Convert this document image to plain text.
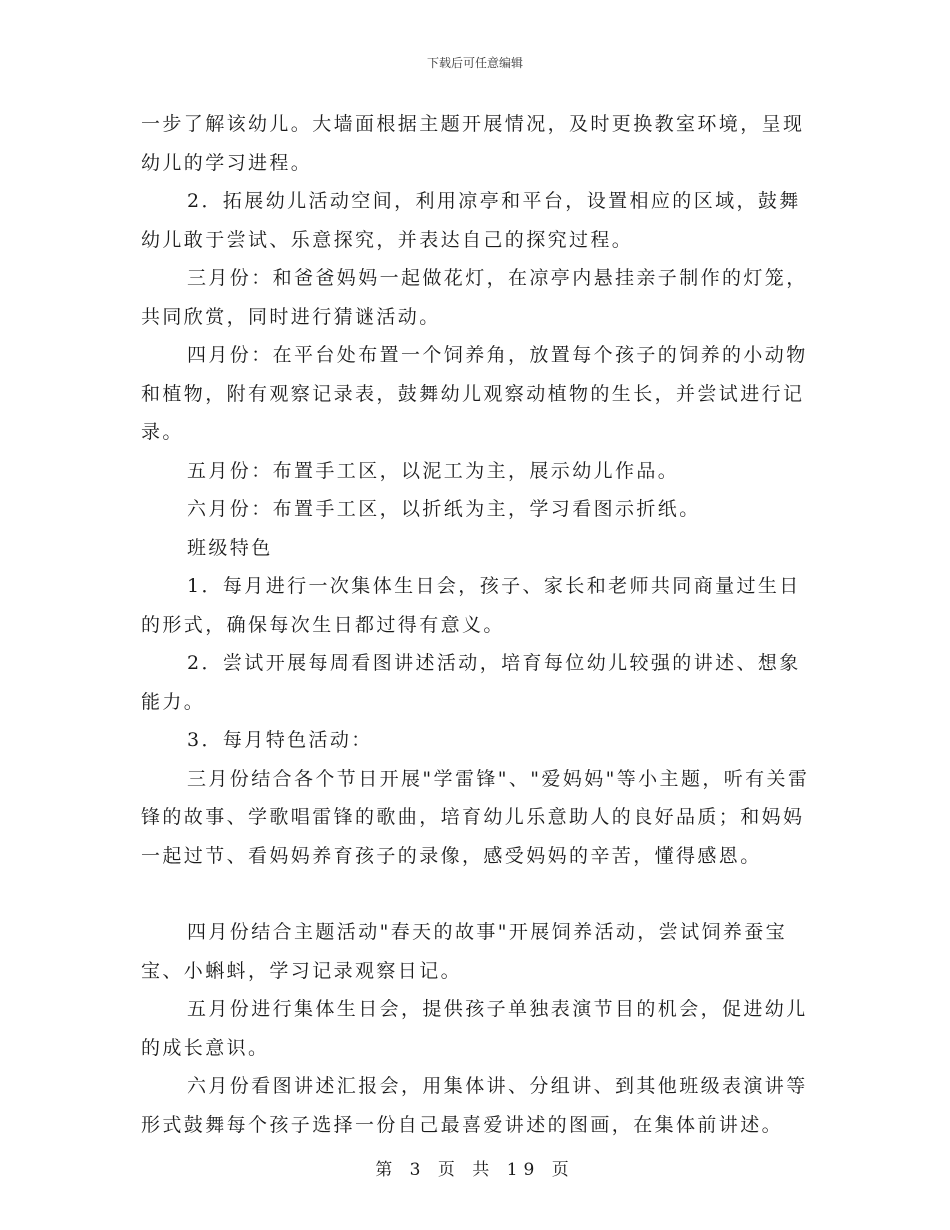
下载后可任意编辑

一步了解该幼儿。大墙面根据主题开展情况，及时更换教室环境，呈现幼儿的学习进程。

2．拓展幼儿活动空间，利用凉亭和平台，设置相应的区域，鼓舞幼儿敢于尝试、乐意探究，并表达自己的探究过程。

三月份：和爸爸妈妈一起做花灯，在凉亭内悬挂亲子制作的灯笼，共同欣赏，同时进行猜谜活动。

四月份：在平台处布置一个饲养角，放置每个孩子的饲养的小动物和植物，附有观察记录表，鼓舞幼儿观察动植物的生长，并尝试进行记录。

五月份：布置手工区，以泥工为主，展示幼儿作品。

六月份：布置手工区，以折纸为主，学习看图示折纸。

班级特色

1．每月进行一次集体生日会，孩子、家长和老师共同商量过生日的形式，确保每次生日都过得有意义。

2．尝试开展每周看图讲述活动，培育每位幼儿较强的讲述、想象能力。

3．每月特色活动：

三月份结合各个节日开展"学雷锋"、"爱妈妈"等小主题，听有关雷锋的故事、学歌唱雷锋的歌曲，培育幼儿乐意助人的良好品质；和妈妈一起过节、看妈妈养育孩子的录像，感受妈妈的辛苦，懂得感恩。

四月份结合主题活动"春天的故事"开展饲养活动，尝试饲养蚕宝宝、小蝌蚪，学习记录观察日记。

五月份进行集体生日会，提供孩子单独表演节目的机会，促进幼儿的成长意识。

六月份看图讲述汇报会，用集体讲、分组讲、到其他班级表演讲等形式鼓舞每个孩子选择一份自己最喜爱讲述的图画，在集体前讲述。

第 3 页 共 19 页
